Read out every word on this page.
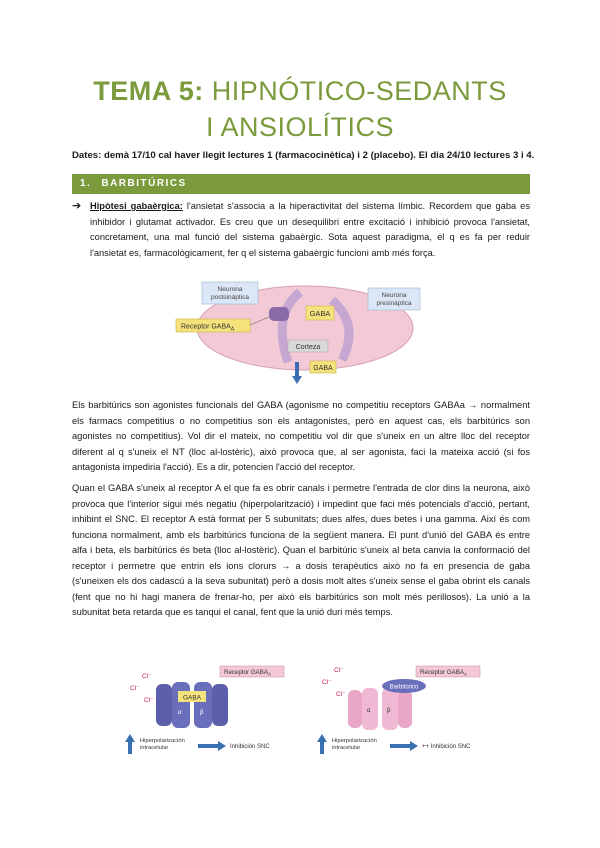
TEMA 5: HIPNÓTICO-SEDANTS
I ANSIOLÍTICS
Dates: demà 17/10 cal haver llegit lectures 1 (farmacocinètica) i 2 (placebo). El dia 24/10 lectures 3 i 4.
1. BARBITÚRICS
➔ Hipòtesi gabaèrgica: l'ansietat s'associa a la hiperactivitat del sistema límbic. Recordem que gaba es inhibidor i glutamat activador. Es creu que un desequilibri entre excitació i inhibició provoca l'ansietat, concretament, una mal funció del sistema gabaèrgic. Sota aquest paradigma, el q es fa per reduir l'ansietat es, farmacològicament, fer q el sistema gabaèrgic funcioni amb més força.
GABA
Neurona postsináptica	Neurona presináptica
Receptor $GABA_A$
Corteza
GABA
Els barbitúrics son agonistes funcionals del GABA (agonisme no competitiu receptors GABAa → normalment els farmacs competitius o no competitius son els antagonistes, però en aquest cas, els barbitúrics son agonistes no competitius). Vol dir el mateix, no competitiu vol dir que s'uneix en un altre lloc del receptor diferent al q s'uneix el NT (lloc al-lostèric), això provoca que, al ser agonista, faci la mateixa acció (si fos antagonista impediria l'acció). Es a dir, potencien l'acció del receptor.
Quan el GABA s'uneix al receptor A el que fa es obrir canals i permetre l'entrada de clor dins la neurona, això provoca que l'interior sigui més negatiu (hiperpolarització) i impedint que faci més potencials d'acció, pertant, inhibint el SNC. El receptor A està format per 5 subunitats; dues alfes, dues betes i una gamma. Així és com funciona normalment, amb els barbitúrics funciona de la següent manera. El punt d'unió del GABA és entre alfa i beta, els barbitúrics és beta (lloc al-lostèric). Quan el barbitúric s'uneix al beta canvia la conformació del receptor i permetre que entrin els ions clorurs → a dosis terapèutics això no fa en presencia de gaba (s'uneixen els dos cadascú a la seva subunitat) però a dosis molt altes s'uneix sense el gaba obrint els canals (fent que no hi hagi manera de frenar-ho, per això els barbitúrics son molt més perillosos). La unió a la subunitat beta retarda que es tanqui el canal, fent que la unió duri més temps.
Cl⁻
Cl⁻
Cl⁻
Receptor $GABA_A$
GABA
α	β
Hiperpolarización intracelular	Inhibición SNC
Cl⁻
Cl⁻
Cl⁻
Receptor $GABA_A$
Barbitúrico
α	β
Hiperpolarización intracelular	++ Inhibición SNC
